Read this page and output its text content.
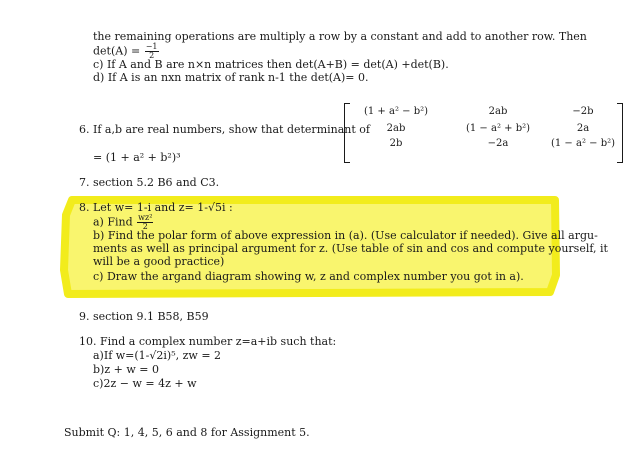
the remaining operations are multiply a row by a constant and add to another row. Then
$\det(A) = \frac{-1}{2}$
c) If A and B are n×n matrices then det(A+B) = det(A) +det(B).
d) If A is an nxn matrix of rank n-1 the det(A)= 0.
6. If a,b are real numbers, show that determinant of
(1 + a² − b²)	2ab	−2b
2ab	(1 − a² + b²)	2a
2b	−2a	(1 − a² − b²)
= (1 + a² + b²)³
7. section 5.2 B6 and C3.
8. Let w= 1-i and z= 1-√5i :
a) Find $\frac{\text{wz²}}{2}$
b) Find the polar form of above expression in (a). (Use calculator if needed). Give all argu-
ments as well as principal argument for z. (Use table of sin and cos and compute yourself, it
will be a good practice)
c) Draw the argand diagram showing w, z and complex number you got in a).
9. section 9.1 B58, B59
10. Find a complex number z=a+ib such that:
a)If w=(1-√2i)⁵, zw = 2
b)z + w = 0
c)2z − w = 4z + w
Submit Q: 1, 4, 5, 6 and 8 for Assignment 5.
